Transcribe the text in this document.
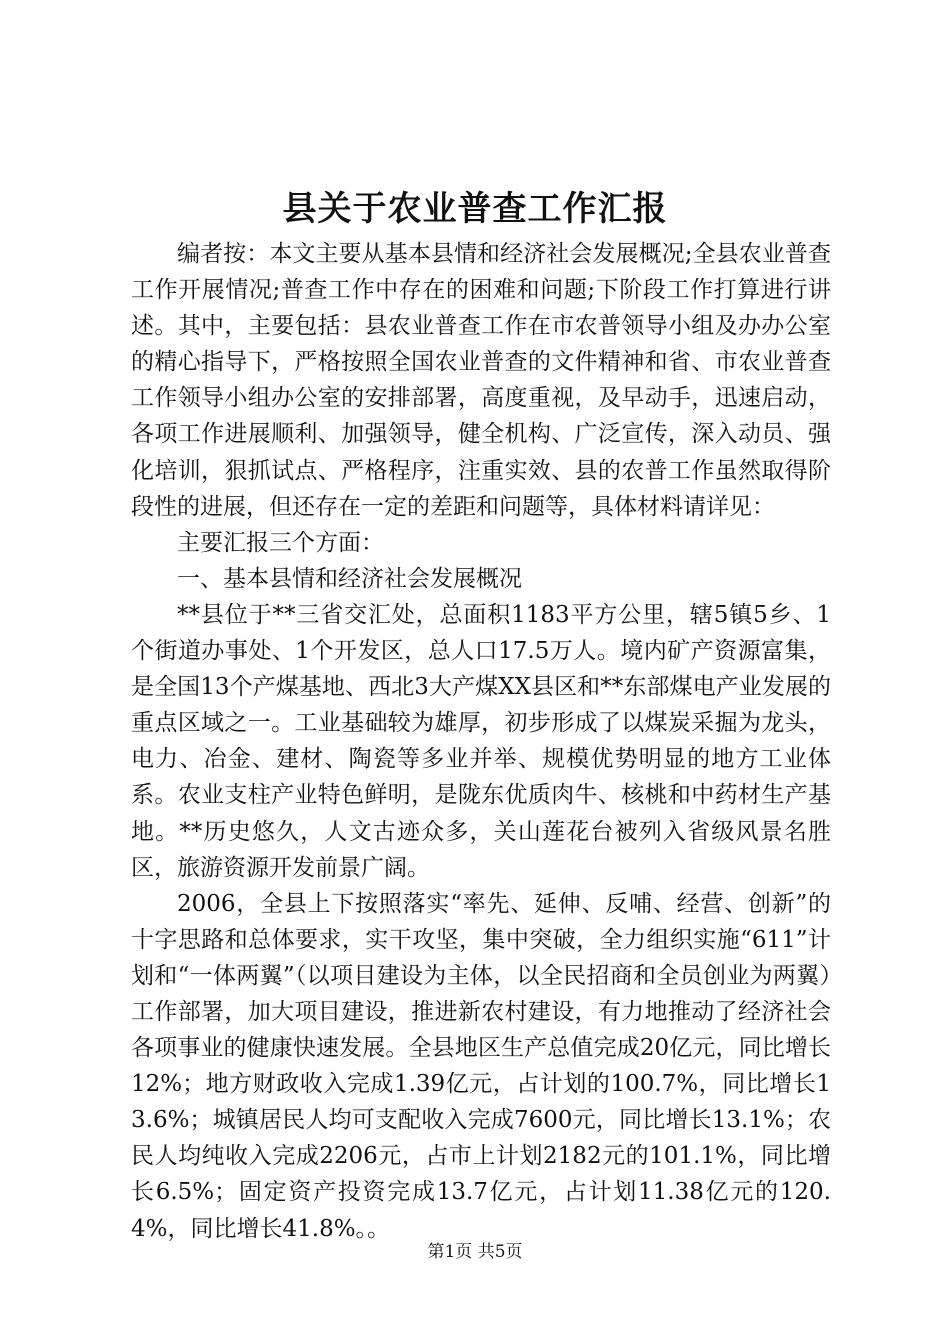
县关于农业普查工作汇报

编者按：本文主要从基本县情和经济社会发展概况;全县农业普查工作开展情况;普查工作中存在的困难和问题;下阶段工作打算进行讲述。其中，主要包括：县农业普查工作在市农普领导小组及办办公室的精心指导下，严格按照全国农业普查的文件精神和省、市农业普查工作领导小组办公室的安排部署，高度重视，及早动手，迅速启动，各项工作进展顺利、加强领导，健全机构、广泛宣传，深入动员、强化培训，狠抓试点、严格程序，注重实效、县的农普工作虽然取得阶段性的进展，但还存在一定的差距和问题等，具体材料请详见：

主要汇报三个方面：

一、基本县情和经济社会发展概况

**县位于**三省交汇处，总面积1183平方公里，辖5镇5乡、1个街道办事处、1个开发区，总人口17.5万人。境内矿产资源富集，是全国13个产煤基地、西北3大产煤XX县区和**东部煤电产业发展的重点区域之一。工业基础较为雄厚，初步形成了以煤炭采掘为龙头，电力、冶金、建材、陶瓷等多业并举、规模优势明显的地方工业体系。农业支柱产业特色鲜明，是陇东优质肉牛、核桃和中药材生产基地。**历史悠久，人文古迹众多，关山莲花台被列入省级风景名胜区，旅游资源开发前景广阔。

2006，全县上下按照落实“率先、延伸、反哺、经营、创新”的十字思路和总体要求，实干攻坚，集中突破，全力组织实施“611”计划和“一体两翼”（以项目建设为主体，以全民招商和全员创业为两翼）工作部署，加大项目建设，推进新农村建设，有力地推动了经济社会各项事业的健康快速发展。全县地区生产总值完成20亿元，同比增长12%；地方财政收入完成1.39亿元，占计划的100.7%，同比增长13.6%；城镇居民人均可支配收入完成7600元，同比增长13.1%；农民人均纯收入完成2206元，占市上计划2182元的101.1%，同比增长6.5%；固定资产投资完成13.7亿元，占计划11.38亿元的120.4%，同比增长41.8%。。

第1页 共5页
